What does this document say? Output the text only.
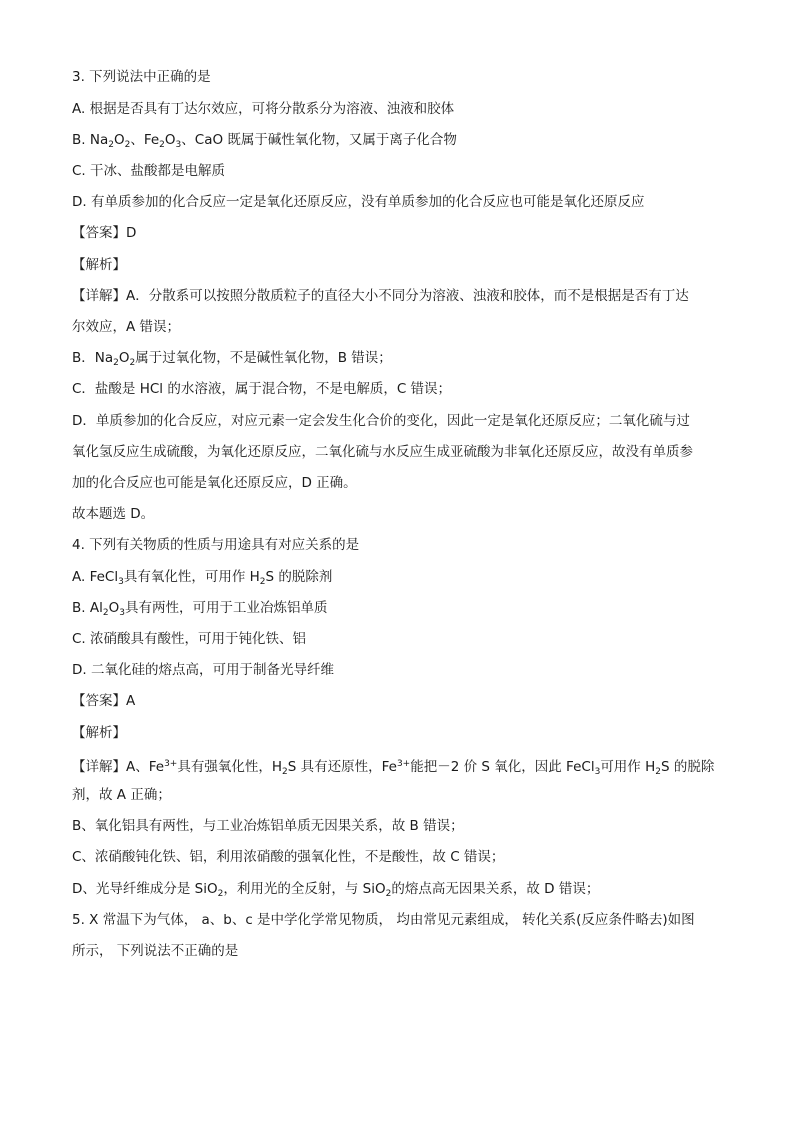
3. 下列说法中正确的是
A. 根据是否具有丁达尔效应，可将分散系分为溶液、浊液和胶体
B. $Na_2O_2$、$Fe_2O_3$、CaO 既属于碱性氧化物，又属于离子化合物
C. 干冰、盐酸都是电解质
D. 有单质参加的化合反应一定是氧化还原反应，没有单质参加的化合反应也可能是氧化还原反应
【答案】D
【解析】
【详解】A．分散系可以按照分散质粒子的直径大小不同分为溶液、浊液和胶体，而不是根据是否有丁达
尔效应，A 错误；
B．$Na_2O_2$属于过氧化物，不是碱性氧化物，B 错误；
C．盐酸是 HCl 的水溶液，属于混合物，不是电解质，C 错误；
D．单质参加的化合反应，对应元素一定会发生化合价的变化，因此一定是氧化还原反应；二氧化硫与过
氧化氢反应生成硫酸，为氧化还原反应，二氧化硫与水反应生成亚硫酸为非氧化还原反应，故没有单质参
加的化合反应也可能是氧化还原反应，D 正确。
故本题选 D。
4. 下列有关物质的性质与用途具有对应关系的是
A. FeCl$_3$具有氧化性，可用作 $H_2S$ 的脱除剂
B. $Al_2O_3$具有两性，可用于工业冶炼铝单质
C. 浓硝酸具有酸性，可用于钝化铁、铝
D. 二氧化硅的熔点高，可用于制备光导纤维
【答案】A
【解析】
【详解】A、$Fe^{3+}$具有强氧化性，$H_2S$ 具有还原性，$Fe^{3+}$能把－2 价 S 氧化，因此 FeCl$_3$可用作 $H_2S$ 的脱除
剂，故 A 正确；
B、氧化铝具有两性，与工业冶炼铝单质无因果关系，故 B 错误；
C、浓硝酸钝化铁、铝，利用浓硝酸的强氧化性，不是酸性，故 C 错误；
D、光导纤维成分是 SiO$_2$，利用光的全反射，与 SiO$_2$的熔点高无因果关系，故 D 错误；
5. X 常温下为气体， a、b、c 是中学化学常见物质， 均由常见元素组成， 转化关系(反应条件略去)如图
所示， 下列说法不正确的是
